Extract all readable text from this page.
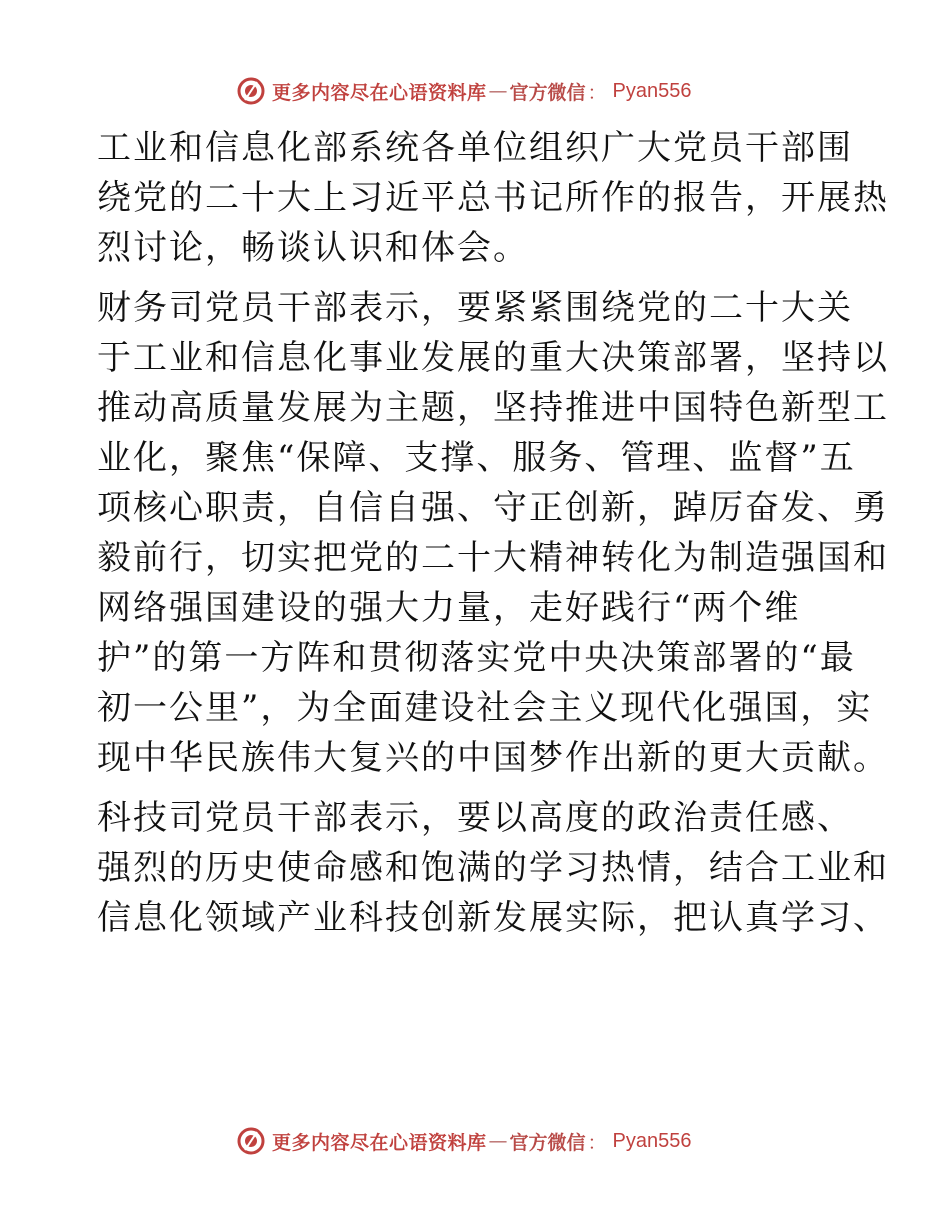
更多内容尽在心语资料库 — 官方微信 ： Pyan556

工业和信息化部系统各单位组织广大党员干部围
绕党的二十大上习近平总书记所作的报告，开展热
烈讨论，畅谈认识和体会。

财务司党员干部表示，要紧紧围绕党的二十大关
于工业和信息化事业发展的重大决策部署，坚持以
推动高质量发展为主题，坚持推进中国特色新型工
业化，聚焦“保障、支撑、服务、管理、监督”五
项核心职责，自信自强、守正创新，踔厉奋发、勇
毅前行，切实把党的二十大精神转化为制造强国和
网络强国建设的强大力量，走好践行“两个维
护”的第一方阵和贯彻落实党中央决策部署的“最
初一公里”，为全面建设社会主义现代化强国，实
现中华民族伟大复兴的中国梦作出新的更大贡献。

科技司党员干部表示，要以高度的政治责任感、
强烈的历史使命感和饱满的学习热情，结合工业和
信息化领域产业科技创新发展实际，把认真学习、

更多内容尽在心语资料库 — 官方微信 ： Pyan556
